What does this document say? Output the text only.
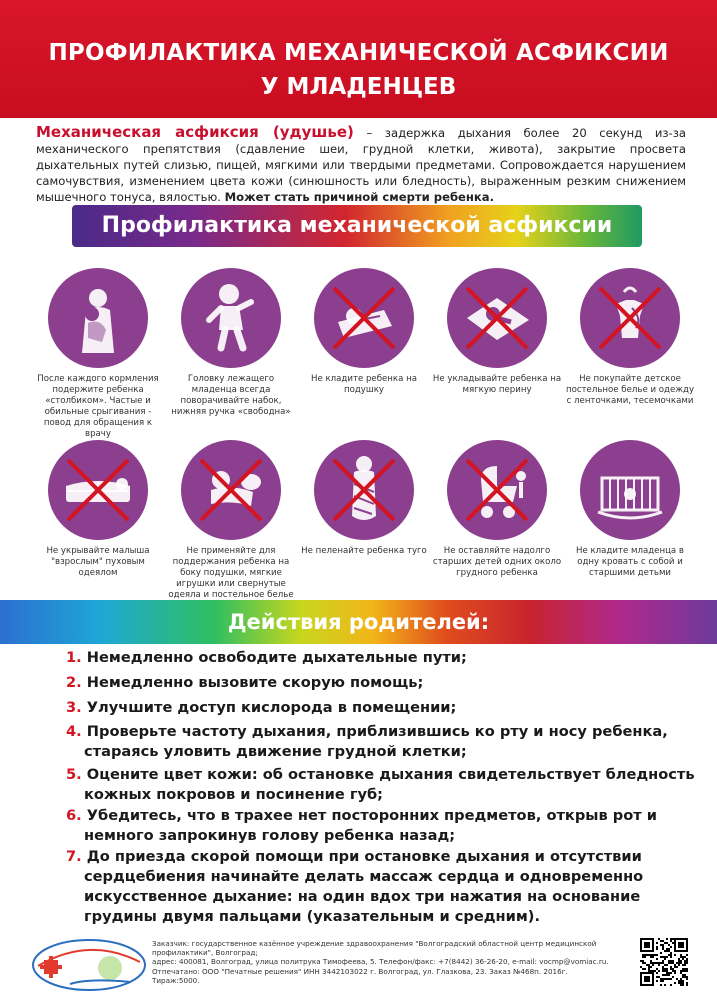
ПРОФИЛАКТИКА МЕХАНИЧЕСКОЙ АСФИКСИИ
У МЛАДЕНЦЕВ
Механическая асфиксия (удушье) – задержка дыхания более 20 секунд из-за механического препятствия (сдавление шеи, грудной клетки, живота), закрытие просвета дыхательных путей слизью, пищей, мягкими или твердыми предметами. Сопровождается нарушением самочувствия, изменением цвета кожи (синюшность или бледность), выраженным резким снижением мышечного тонуса, вялостью. Может стать причиной смерти ребенка.
Профилактика механической асфиксии
После каждого кормления подержите ребенка «столбиком». Частые и обильные срыгивания - повод для обращения к врачу
Головку лежащего младенца всегда поворачивайте набок, нижняя ручка «свободна»
Не кладите ребенка на подушку
Не укладывайте ребенка на мягкую перину
Не покупайте детское постельное белье и одежду с ленточками, тесемочками
Не укрывайте малыша "взрослым" пуховым одеялом
Не применяйте для поддержания ребенка на боку подушки, мягкие игрушки или свернутые одеяла и постельное белье
Не пеленайте ребенка туго	Не оставляйте надолго старших детей одних около грудного ребенка
Не кладите младенца в одну кровать с собой и старшими детьми
Действия родителей:
1. Немедленно освободите дыхательные пути;
2. Немедленно вызовите скорую помощь;
3. Улучшите доступ кислорода в помещении;
4. Проверьте частоту дыхания, приблизившись ко рту и носу ребенка,
стараясь уловить движение грудной клетки;
5. Оцените цвет кожи: об остановке дыхания свидетельствует бледность
кожных покровов и посинение губ;
6. Убедитесь, что в трахее нет посторонних предметов, открыв рот и
немного запрокинув голову ребенка назад;
7. До приезда скорой помощи при остановке дыхания и отсутствии
сердцебиения начинайте делать массаж сердца и одновременно
искусственное дыхание: на один вдох три нажатия на основание
грудины двумя пальцами (указательным и средним).
Заказчик: государственное казённое учреждение здравоохранения "Волгоградский областной центр медицинской профилактики", Волгоград;
адрес: 400081, Волгоград, улица политрука Тимофеева, 5. Телефон/факс: +7(8442) 36-26-20, e-mail: vocmp@vomiac.ru.
Отпечатано: ООО "Печатные решения" ИНН 3442103022 г. Волгоград, ул. Глазкова, 23. Заказ №468п. 2016г.
Тираж:5000.
